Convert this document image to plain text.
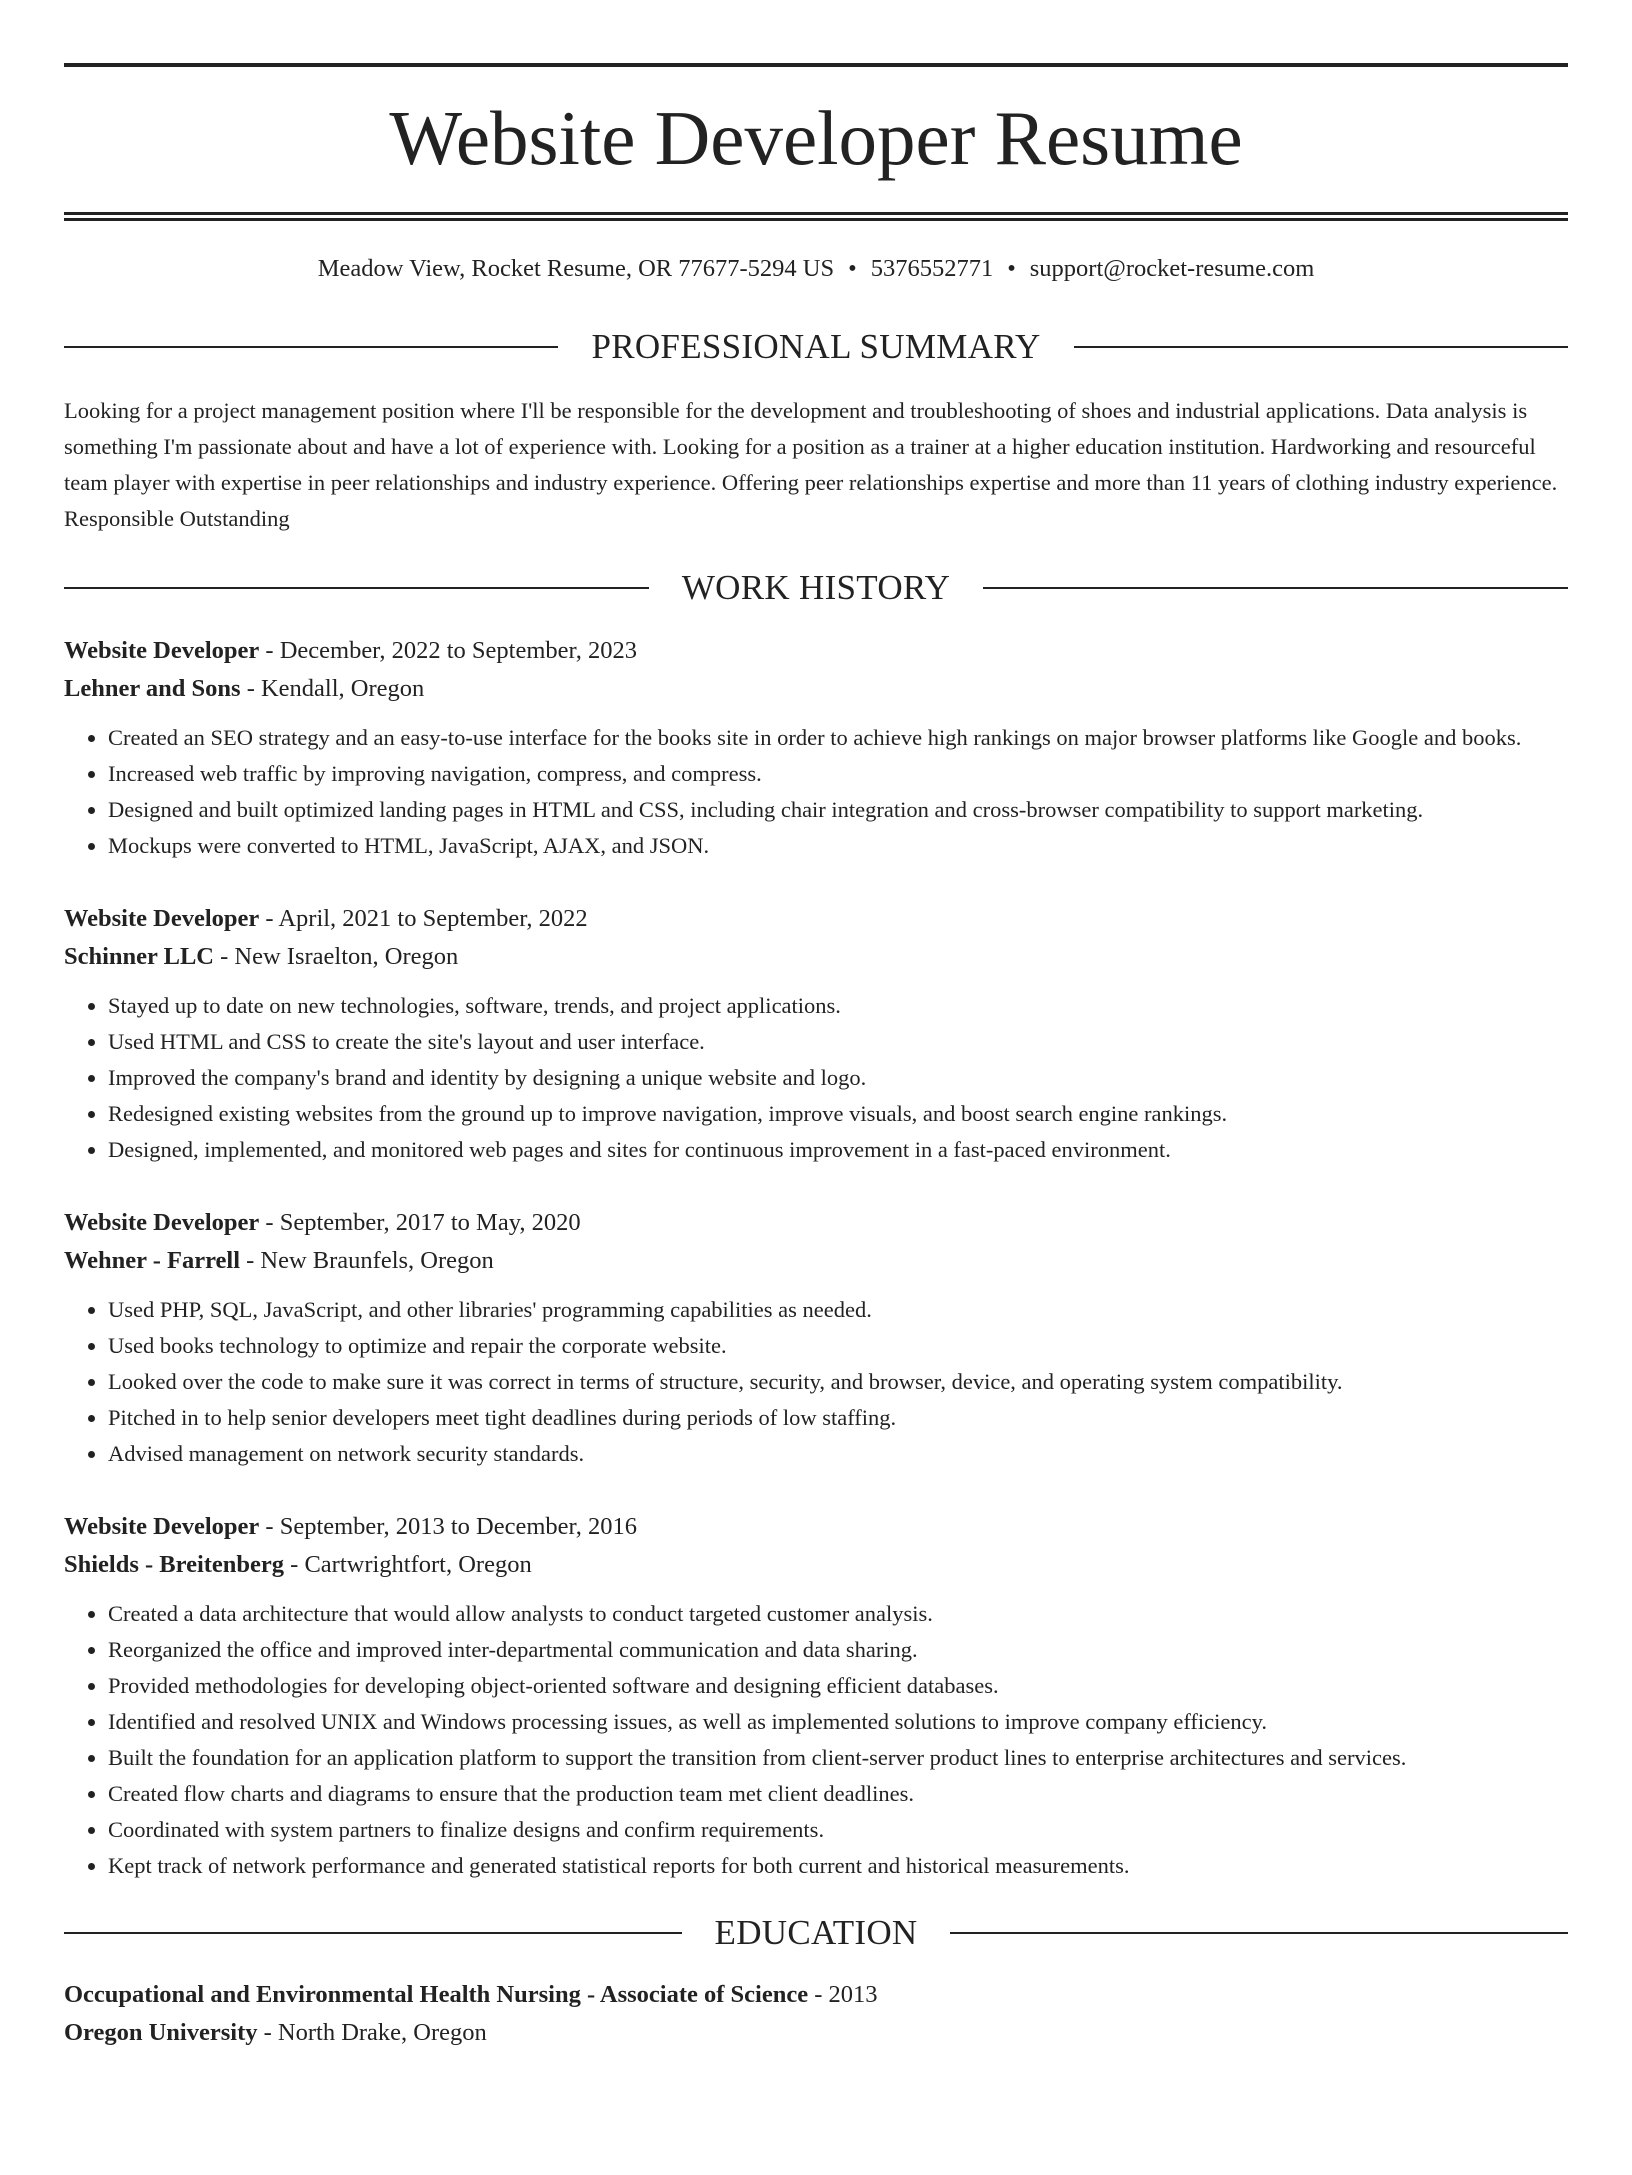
Website Developer Resume
Meadow View, Rocket Resume, OR 77677-5294 US • 5376552771 • support@rocket-resume.com
PROFESSIONAL SUMMARY

Looking for a project management position where I'll be responsible for the development and troubleshooting of shoes and industrial applications. Data analysis is something I'm passionate about and have a lot of experience with. Looking for a position as a trainer at a higher education institution. Hardworking and resourceful team player with expertise in peer relationships and industry experience. Offering peer relationships expertise and more than 11 years of clothing industry experience. Responsible Outstanding

WORK HISTORY
Website Developer - December, 2022 to September, 2023
Lehner and Sons - Kendall, Oregon
• Created an SEO strategy and an easy-to-use interface for the books site in order to achieve high rankings on major browser platforms like Google and books.
• Increased web traffic by improving navigation, compress, and compress.
• Designed and built optimized landing pages in HTML and CSS, including chair integration and cross-browser compatibility to support marketing.
• Mockups were converted to HTML, JavaScript, AJAX, and JSON.
Website Developer - April, 2021 to September, 2022
Schinner LLC - New Israelton, Oregon
• Stayed up to date on new technologies, software, trends, and project applications.
• Used HTML and CSS to create the site's layout and user interface.
• Improved the company's brand and identity by designing a unique website and logo.
• Redesigned existing websites from the ground up to improve navigation, improve visuals, and boost search engine rankings.
• Designed, implemented, and monitored web pages and sites for continuous improvement in a fast-paced environment.
Website Developer - September, 2017 to May, 2020
Wehner - Farrell - New Braunfels, Oregon
• Used PHP, SQL, JavaScript, and other libraries' programming capabilities as needed.
• Used books technology to optimize and repair the corporate website.
• Looked over the code to make sure it was correct in terms of structure, security, and browser, device, and operating system compatibility.
• Pitched in to help senior developers meet tight deadlines during periods of low staffing.
• Advised management on network security standards.
Website Developer - September, 2013 to December, 2016
Shields - Breitenberg - Cartwrightfort, Oregon
• Created a data architecture that would allow analysts to conduct targeted customer analysis.
• Reorganized the office and improved inter-departmental communication and data sharing.
• Provided methodologies for developing object-oriented software and designing efficient databases.
• Identified and resolved UNIX and Windows processing issues, as well as implemented solutions to improve company efficiency.
• Built the foundation for an application platform to support the transition from client-server product lines to enterprise architectures and services.
• Created flow charts and diagrams to ensure that the production team met client deadlines.
• Coordinated with system partners to finalize designs and confirm requirements.
• Kept track of network performance and generated statistical reports for both current and historical measurements.
EDUCATION
Occupational and Environmental Health Nursing - Associate of Science - 2013
Oregon University - North Drake, Oregon
